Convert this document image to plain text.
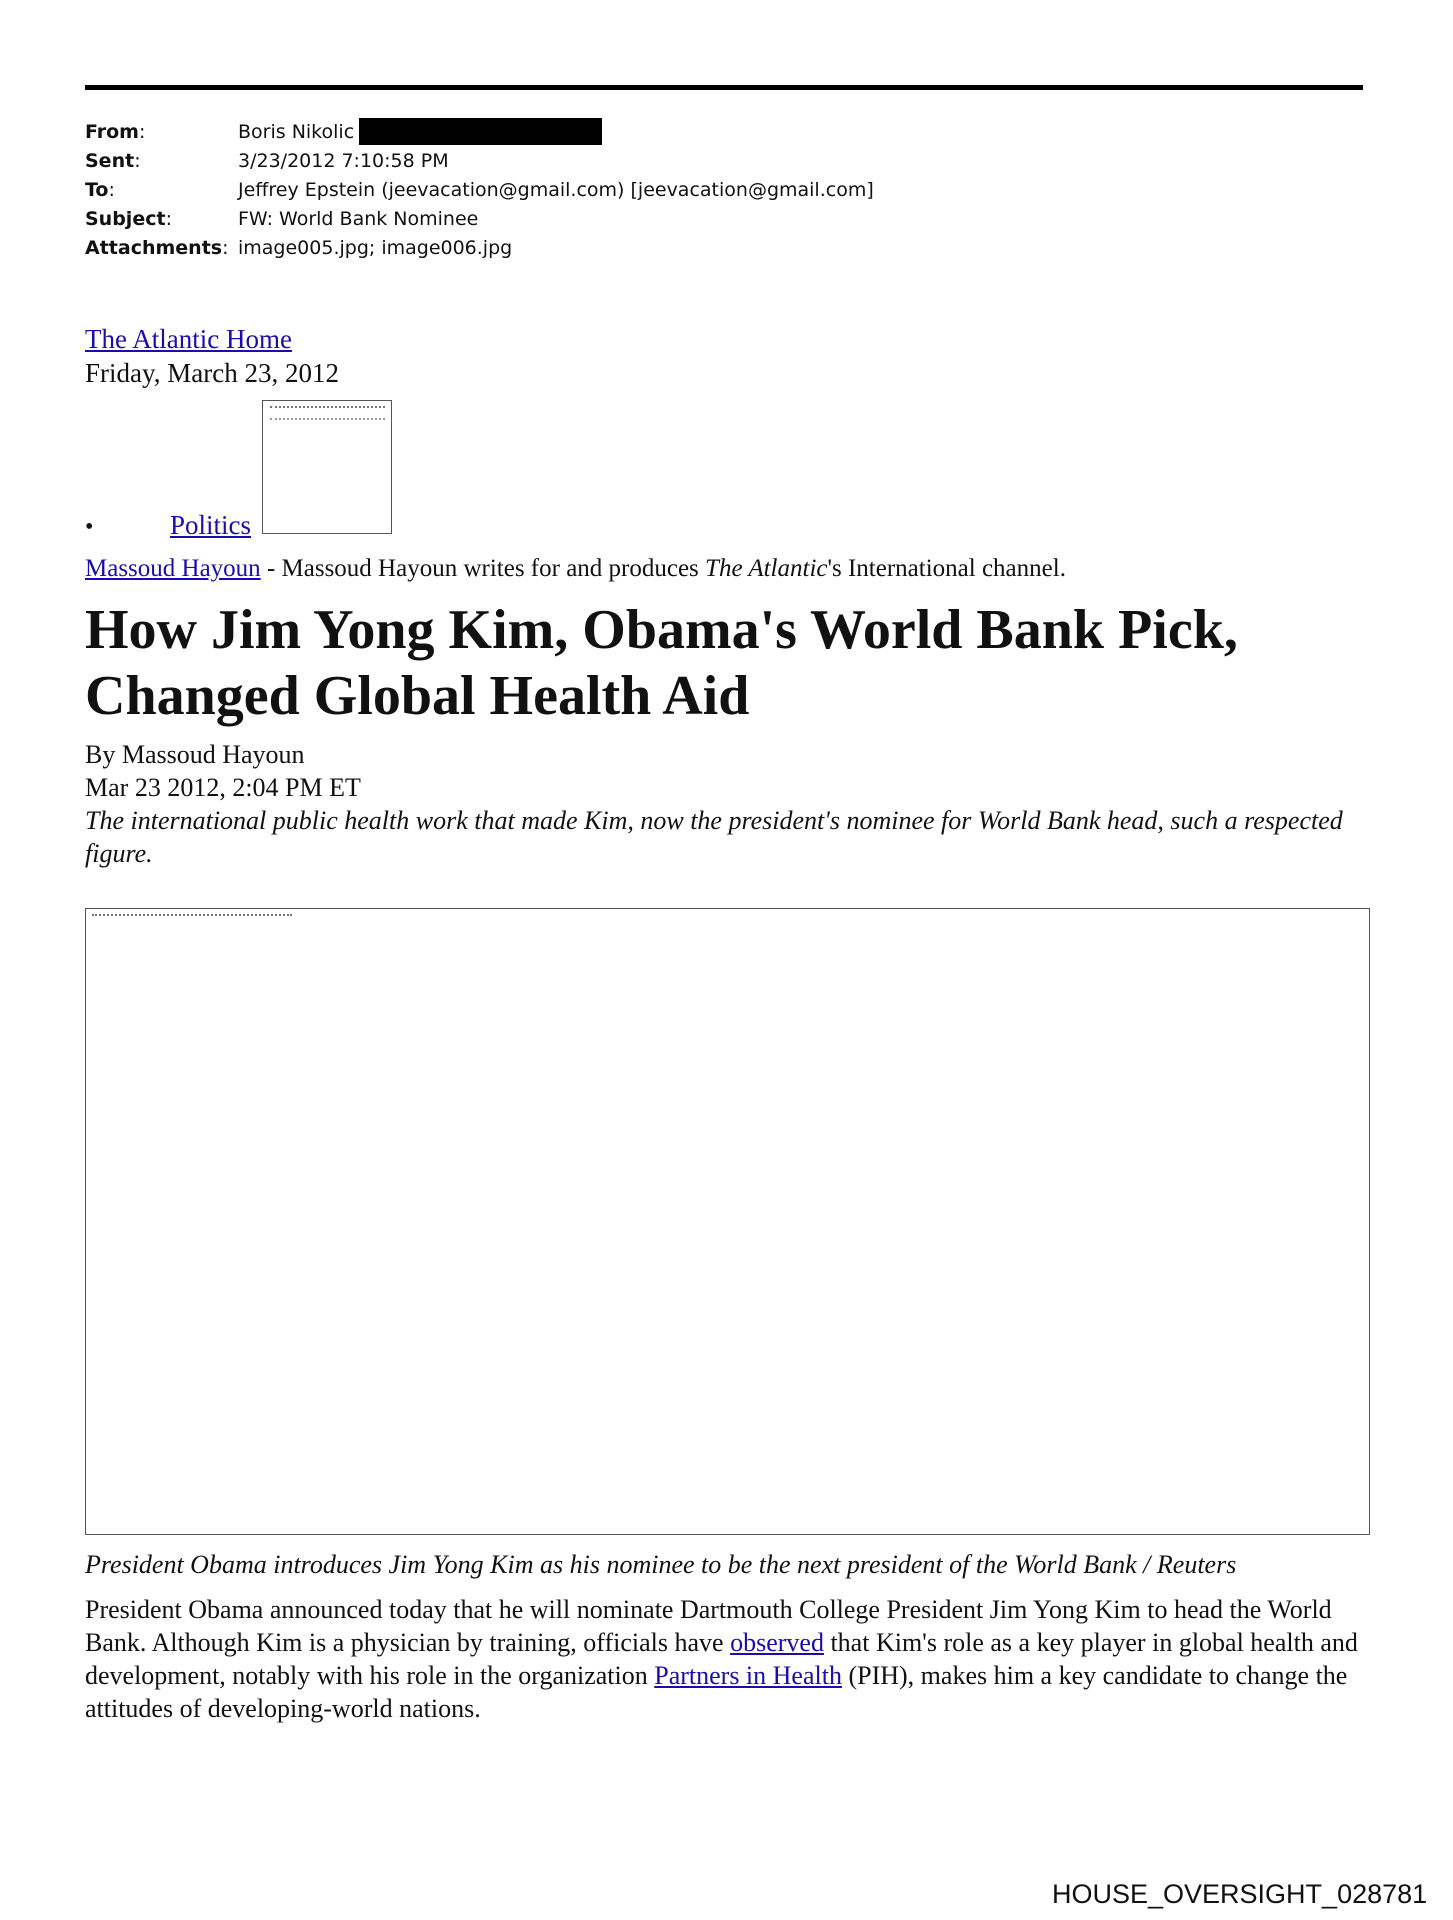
From:	Boris Nikolic
Sent:	3/23/2012 7:10:58 PM
To:	Jeffrey Epstein (jeevacation@gmail.com) [jeevacation@gmail.com]
Subject:	FW: World Bank Nominee
Attachments: image005.jpg; image006.jpg
The Atlantic Home
Friday, March 23, 2012
•	Politics
Massoud Hayoun - Massoud Hayoun writes for and produces The Atlantic's International channel.
How Jim Yong Kim, Obama's World Bank Pick, Changed Global Health Aid
By Massoud Hayoun
Mar 23 2012, 2:04 PM ET
The international public health work that made Kim, now the president's nominee for World Bank head, such a respected figure.
President Obama introduces Jim Yong Kim as his nominee to be the next president of the World Bank / Reuters

President Obama announced today that he will nominate Dartmouth College President Jim Yong Kim to head the World Bank. Although Kim is a physician by training, officials have observed that Kim's role as a key player in global health and development, notably with his role in the organization Partners in Health (PIH), makes him a key candidate to change the attitudes of developing-world nations.

HOUSE_OVERSIGHT_028781
